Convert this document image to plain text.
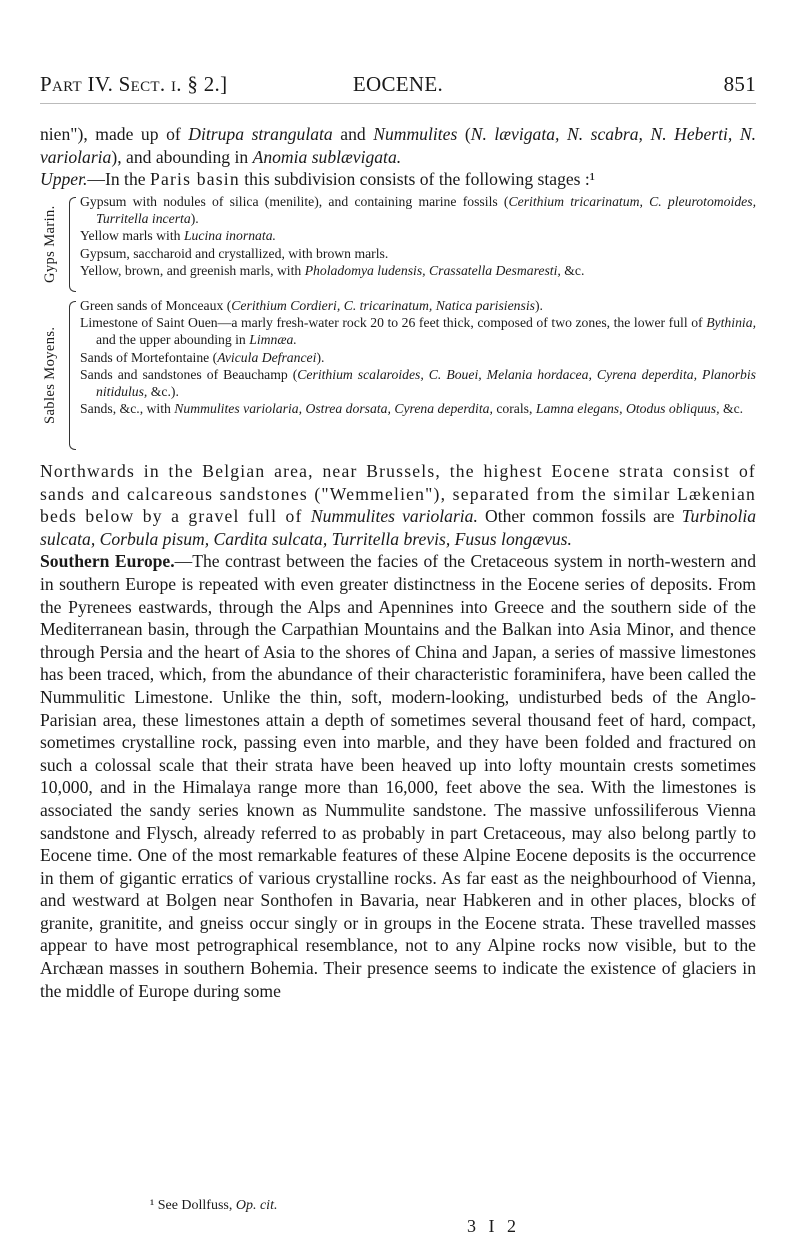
Part IV. Sect. i. § 2.]	EOCENE.	851
nien"), made up of Ditrupa strangulata and Nummulites (N. lævigata, N. scabra, N. Heberti, N. variolaria), and abounding in Anomia sublævigata.
Upper.—In the Paris basin this subdivision consists of the following stages :¹
Gyps Marin.
Gypsum with nodules of silica (menilite), and containing marine fossils (Cerithium tricarinatum, C. pleurotomoides, Turritella incerta).
Yellow marls with Lucina inornata.
Gypsum, saccharoid and crystallized, with brown marls.
Yellow, brown, and greenish marls, with Pholadomya ludensis, Crassatella Desmaresti, &c.
Sables Moyens.
Green sands of Monceaux (Cerithium Cordieri, C. tricarinatum, Natica parisiensis).
Limestone of Saint Ouen—a marly fresh-water rock 20 to 26 feet thick, composed of two zones, the lower full of Bythinia, and the upper abounding in Limnæa.
Sands of Mortefontaine (Avicula Defrancei).
Sands and sandstones of Beauchamp (Cerithium scalaroides, C. Bouei, Melania hordacea, Cyrena deperdita, Planorbis nitidulus, &c.).
Sands, &c., with Nummulites variolaria, Ostrea dorsata, Cyrena deperdita, corals, Lamna elegans, Otodus obliquus, &c.

Northwards in the Belgian area, near Brussels, the highest Eocene strata consist of sands and calcareous sandstones ("Wemmelien"), separated from the similar Lækenian beds below by a gravel full of Nummulites variolaria. Other common fossils are Turbinolia sulcata, Corbula pisum, Cardita sulcata, Turritella brevis, Fusus longævus.

Southern Europe.—The contrast between the facies of the Cretaceous system in north-western and in southern Europe is repeated with even greater distinctness in the Eocene series of deposits. From the Pyrenees eastwards, through the Alps and Apennines into Greece and the southern side of the Mediterranean basin, through the Carpathian Mountains and the Balkan into Asia Minor, and thence through Persia and the heart of Asia to the shores of China and Japan, a series of massive limestones has been traced, which, from the abundance of their characteristic foraminifera, have been called the Nummulitic Limestone. Unlike the thin, soft, modern-looking, undisturbed beds of the Anglo-Parisian area, these limestones attain a depth of sometimes several thousand feet of hard, compact, sometimes crystalline rock, passing even into marble, and they have been folded and fractured on such a colossal scale that their strata have been heaved up into lofty mountain crests sometimes 10,000, and in the Himalaya range more than 16,000, feet above the sea. With the limestones is associated the sandy series known as Nummulite sandstone. The massive unfossiliferous Vienna sandstone and Flysch, already referred to as probably in part Cretaceous, may also belong partly to Eocene time. One of the most remarkable features of these Alpine Eocene deposits is the occurrence in them of gigantic erratics of various crystalline rocks. As far east as the neighbourhood of Vienna, and westward at Bolgen near Sonthofen in Bavaria, near Habkeren and in other places, blocks of granite, granitite, and gneiss occur singly or in groups in the Eocene strata. These travelled masses appear to have most petrographical resemblance, not to any Alpine rocks now visible, but to the Archæan masses in southern Bohemia. Their presence seems to indicate the existence of glaciers in the middle of Europe during some

¹ See Dollfuss, Op. cit.
3 I 2
